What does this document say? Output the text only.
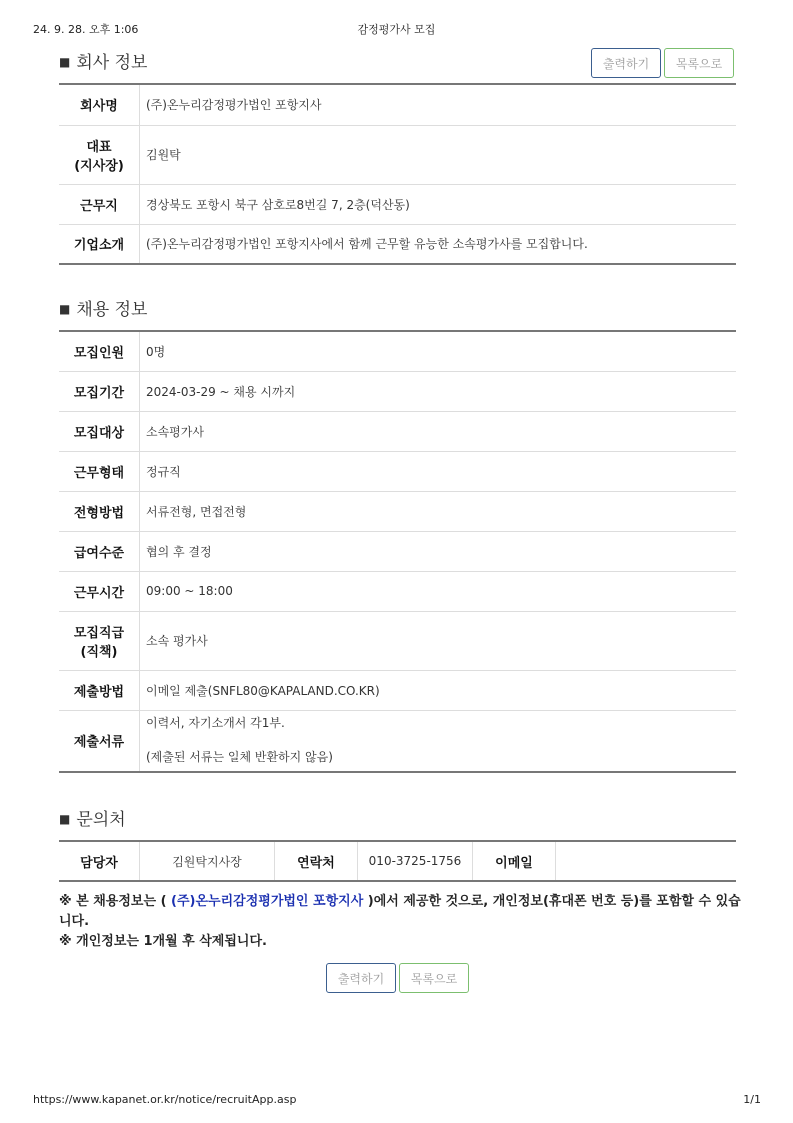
24. 9. 28. 오후 1:06	감정평가사 모집
■ 회사 정보	출력하기	목록으로
회사명	(주)온누리감정평가법인 포항지사
대표
(지사장)	김원탁
근무지	경상북도 포항시 북구 삼호로8번길 7, 2층(덕산동)
기업소개	(주)온누리감정평가법인 포항지사에서 함께 근무할 유능한 소속평가사를 모집합니다.
■ 채용 정보
모집인원	0명
모집기간	2024-03-29 ~ 채용 시까지
모집대상	소속평가사
근무형태	정규직
전형방법	서류전형, 면접전형
급여수준	협의 후 결정
근무시간	09:00 ~ 18:00
모집직급
(직책)	소속 평가사
제출방법	이메일 제출(SNFL80@KAPALAND.CO.KR)
제출서류	이력서, 자기소개서 각1부.
(제출된 서류는 일체 반환하지 않음)
■ 문의처
담당자	김원탁지사장	연락처	010-3725-1756	이메일	
※ 본 채용정보는 ( (주)온누리감정평가법인 포항지사 )에서 제공한 것으로, 개인정보(휴대폰 번호 등)를 포함할 수 있습니다.
※ 개인정보는 1개월 후 삭제됩니다.
출력하기	목록으로
https://www.kapanet.or.kr/notice/recruitApp.asp	1/1
